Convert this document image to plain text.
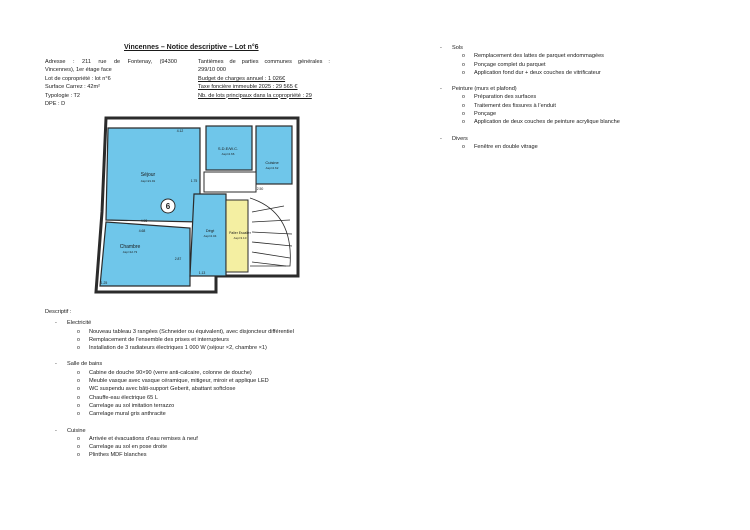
Vincennes – Notice descriptive – Lot n°6
Adresse : 211 rue de Fontenay, (94300
Vincennes), 1er étage face
Lot de copropriété : lot n°6
Surface Carrez : 42m²
Typologie : T2
DPE : D
Tantièmes de parties communes générales :
299/10 000
Budget de charges annuel : 1 026€
Taxe foncière immeuble 2025 : 29 565 €
Nb. de lots principaux dans la copropriété : 29
6
Séjour
Asp=21.91
Chambre
Asp=12.73
S.D.E/W.C.
Asp=2.66
Cuisine
Asp=2.62
Dégt
Asp=2.04
Palier Escalier
Asp=3.10
4.12
4.98
4.68
2.50
1.75
1.13
1.25
2.87
Descriptif :
- Electricité
o Nouveau tableau 3 rangées (Schneider ou équivalent), avec disjoncteur différentiel
o Remplacement de l’ensemble des prises et interrupteurs
o Installation de 3 radiateurs électriques 1 000 W (séjour ×2, chambre ×1)
- Salle de bains
o Cabine de douche 90×90 (verre anti-calcaire, colonne de douche)
o Meuble vasque avec vasque céramique, mitigeur, miroir et applique LED
o WC suspendu avec bâti-support Geberit, abattant softclose
o Chauffe-eau électrique 65 L
o Carrelage au sol imitation terrazzo
o Carrelage mural gris anthracite
- Cuisine
o Arrivée et évacuations d’eau remises à neuf
o Carrelage au sol en pose droite
o Plinthes MDF blanches
- Sols
o Remplacement des lattes de parquet endommagées
o Ponçage complet du parquet
o Application fond dur + deux couches de vitrificateur
- Peinture (murs et plafond)
o Préparation des surfaces
o Traitement des fissures à l’enduit
o Ponçage
o Application de deux couches de peinture acrylique blanche
- Divers
o Fenêtre en double vitrage
